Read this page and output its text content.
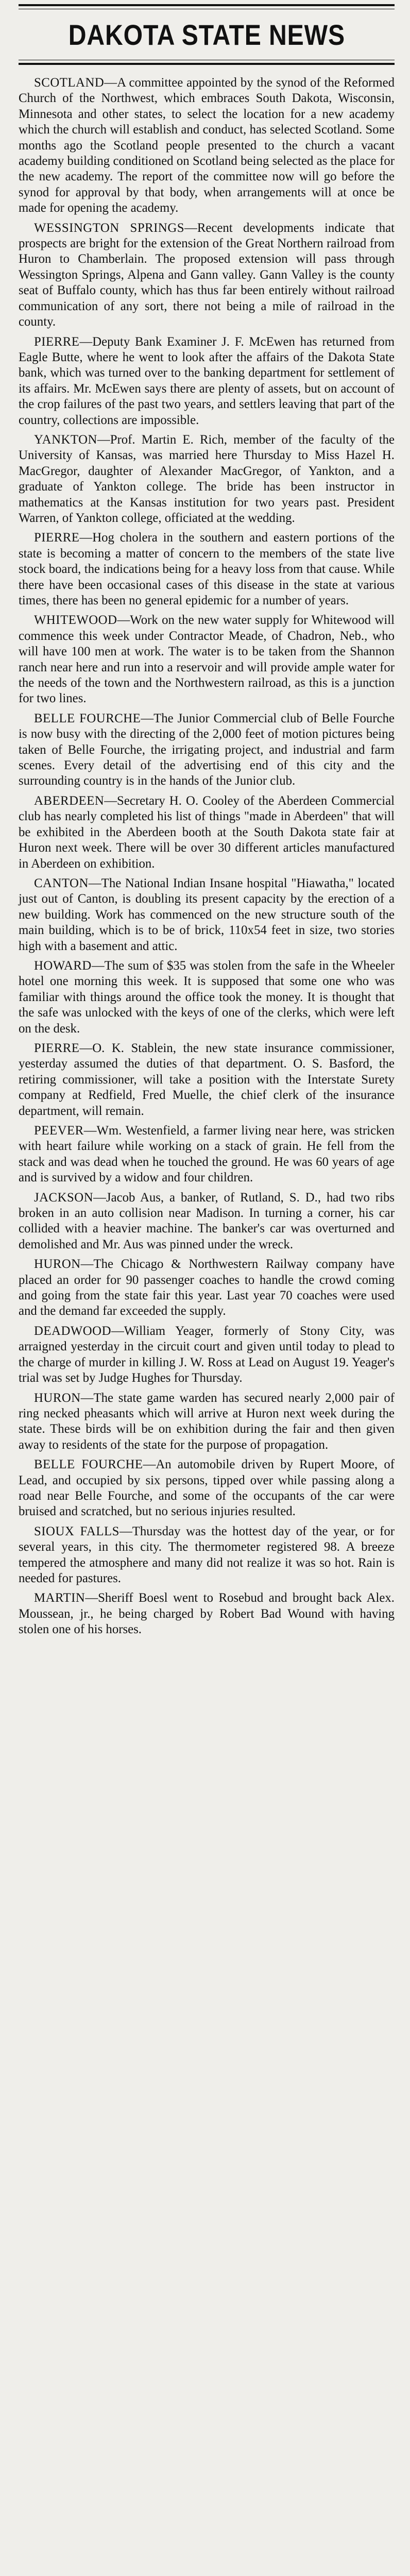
DAKOTA STATE NEWS

SCOTLAND—A committee appointed by the synod of the Reformed Church of the Northwest, which embraces South Dakota, Wisconsin, Minnesota and other states, to select the location for a new academy which the church will establish and conduct, has selected Scotland. Some months ago the Scotland people presented to the church a vacant academy building conditioned on Scotland being selected as the place for the new academy. The report of the committee now will go before the synod for approval by that body, when arrangements will at once be made for opening the academy.

WESSINGTON SPRINGS—Recent developments indicate that prospects are bright for the extension of the Great Northern railroad from Huron to Chamberlain. The proposed extension will pass through Wessington Springs, Alpena and Gann valley. Gann Valley is the county seat of Buffalo county, which has thus far been entirely without railroad communication of any sort, there not being a mile of railroad in the county.

PIERRE—Deputy Bank Examiner J. F. McEwen has returned from Eagle Butte, where he went to look after the affairs of the Dakota State bank, which was turned over to the banking department for settlement of its affairs. Mr. McEwen says there are plenty of assets, but on account of the crop failures of the past two years, and settlers leaving that part of the country, collections are impossible.

YANKTON—Prof. Martin E. Rich, member of the faculty of the University of Kansas, was married here Thursday to Miss Hazel H. MacGregor, daughter of Alexander MacGregor, of Yankton, and a graduate of Yankton college. The bride has been instructor in mathematics at the Kansas institution for two years past. President Warren, of Yankton college, officiated at the wedding.

PIERRE—Hog cholera in the southern and eastern portions of the state is becoming a matter of concern to the members of the state live stock board, the indications being for a heavy loss from that cause. While there have been occasional cases of this disease in the state at various times, there has been no general epidemic for a number of years.

WHITEWOOD—Work on the new water supply for Whitewood will commence this week under Contractor Meade, of Chadron, Neb., who will have 100 men at work. The water is to be taken from the Shannon ranch near here and run into a reservoir and will provide ample water for the needs of the town and the Northwestern railroad, as this is a junction for two lines.

BELLE FOURCHE—The Junior Commercial club of Belle Fourche is now busy with the directing of the 2,000 feet of motion pictures being taken of Belle Fourche, the irrigating project, and industrial and farm scenes. Every detail of the advertising end of this city and the surrounding country is in the hands of the Junior club.

ABERDEEN—Secretary H. O. Cooley of the Aberdeen Commercial club has nearly completed his list of things "made in Aberdeen" that will be exhibited in the Aberdeen booth at the South Dakota state fair at Huron next week. There will be over 30 different articles manufactured in Aberdeen on exhibition.

CANTON—The National Indian Insane hospital "Hiawatha," located just out of Canton, is doubling its present capacity by the erection of a new building. Work has commenced on the new structure south of the main building, which is to be of brick, 110x54 feet in size, two stories high with a basement and attic.

HOWARD—The sum of $35 was stolen from the safe in the Wheeler hotel one morning this week. It is supposed that some one who was familiar with things around the office took the money. It is thought that the safe was unlocked with the keys of one of the clerks, which were left on the desk.

PIERRE—O. K. Stablein, the new state insurance commissioner, yesterday assumed the duties of that department. O. S. Basford, the retiring commissioner, will take a position with the Interstate Surety company at Redfield, Fred Muelle, the chief clerk of the insurance department, will remain.

PEEVER—Wm. Westenfield, a farmer living near here, was stricken with heart failure while working on a stack of grain. He fell from the stack and was dead when he touched the ground. He was 60 years of age and is survived by a widow and four children.

JACKSON—Jacob Aus, a banker, of Rutland, S. D., had two ribs broken in an auto collision near Madison. In turning a corner, his car collided with a heavier machine. The banker's car was overturned and demolished and Mr. Aus was pinned under the wreck.

HURON—The Chicago & Northwestern Railway company have placed an order for 90 passenger coaches to handle the crowd coming and going from the state fair this year. Last year 70 coaches were used and the demand far exceeded the supply.

DEADWOOD—William Yeager, formerly of Stony City, was arraigned yesterday in the circuit court and given until today to plead to the charge of murder in killing J. W. Ross at Lead on August 19. Yeager's trial was set by Judge Hughes for Thursday.

HURON—The state game warden has secured nearly 2,000 pair of ring necked pheasants which will arrive at Huron next week during the state. These birds will be on exhibition during the fair and then given away to residents of the state for the purpose of propagation.

BELLE FOURCHE—An automobile driven by Rupert Moore, of Lead, and occupied by six persons, tipped over while passing along a road near Belle Fourche, and some of the occupants of the car were bruised and scratched, but no serious injuries resulted.

SIOUX FALLS—Thursday was the hottest day of the year, or for several years, in this city. The thermometer registered 98. A breeze tempered the atmosphere and many did not realize it was so hot. Rain is needed for pastures.

MARTIN—Sheriff Boesl went to Rosebud and brought back Alex. Moussean, jr., he being charged by Robert Bad Wound with having stolen one of his horses.
